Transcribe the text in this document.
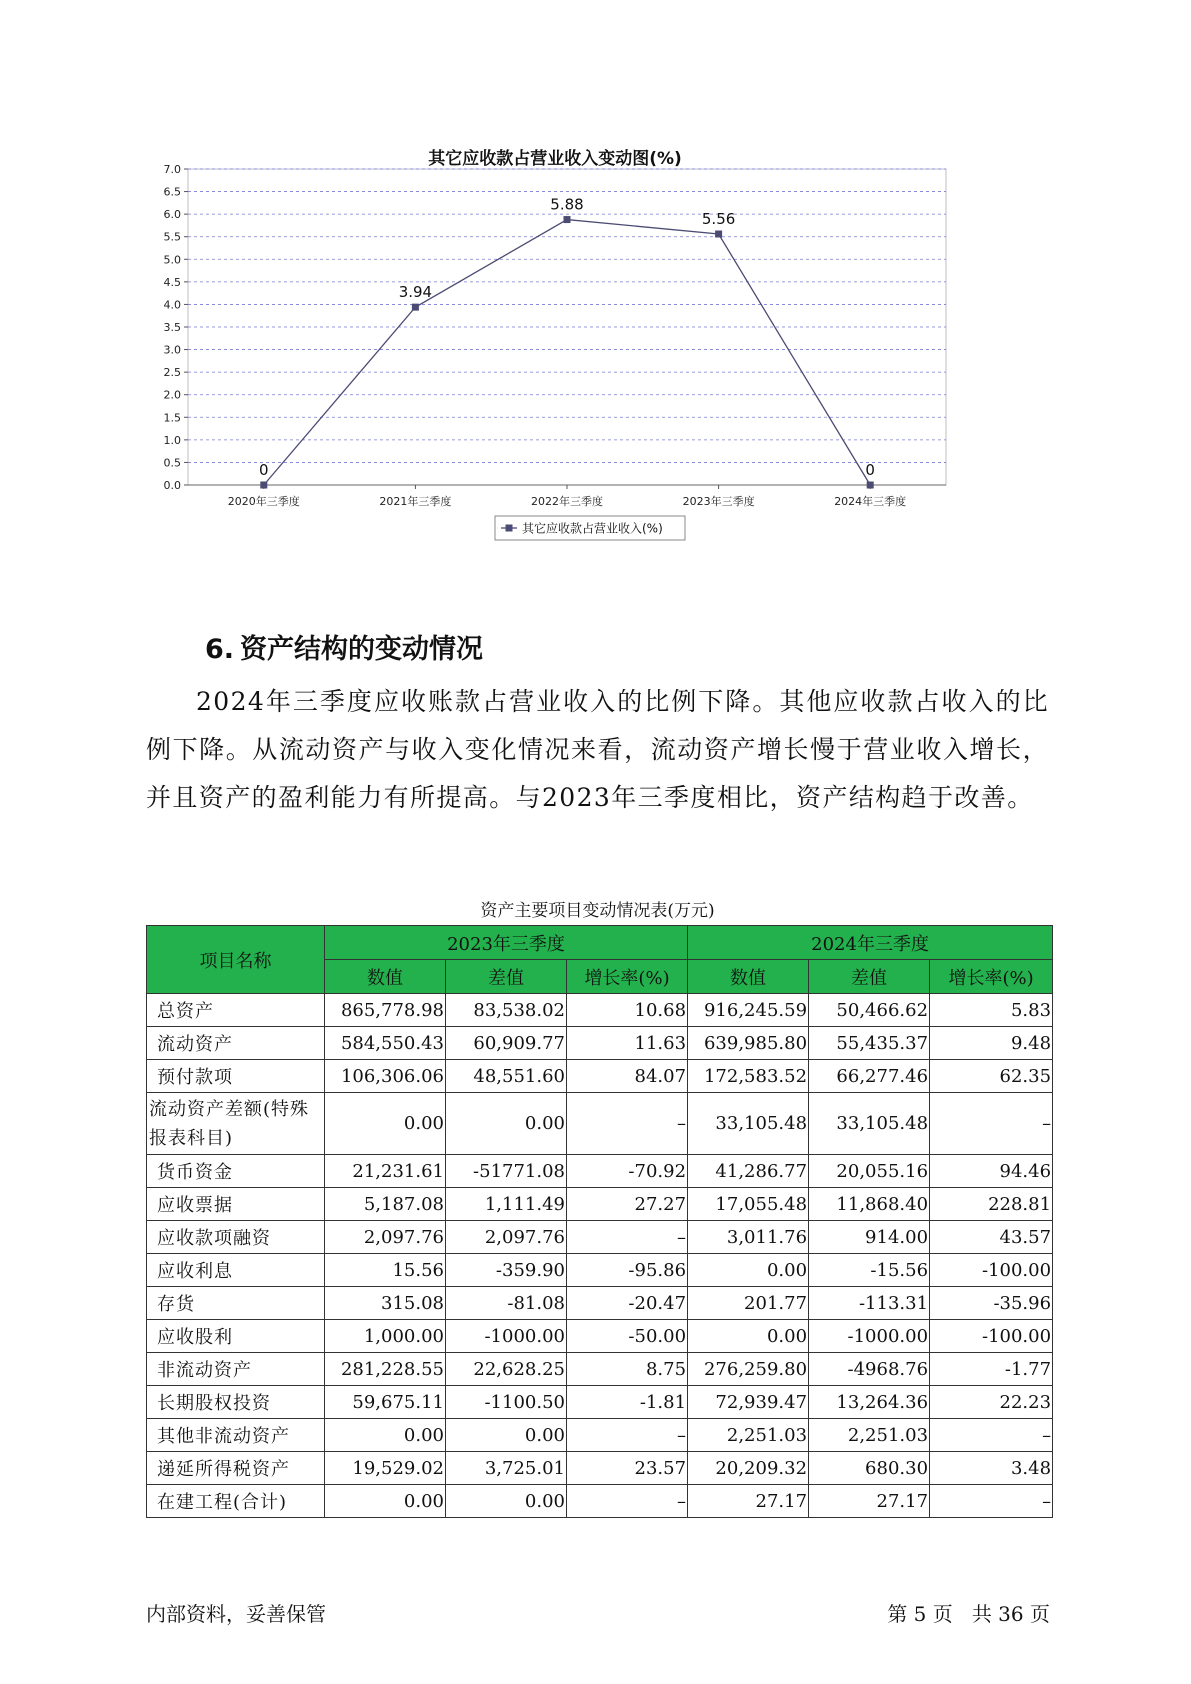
其它应收款占营业收入变动图(%)
0.0
0.5
1.0
1.5
2.0
2.5
3.0
3.5
4.0
4.5
5.0
5.5
6.0
6.5
7.0
2020年三季度	2021年三季度	2022年三季度	2023年三季度	2024年三季度
0
3.94
5.88
5.56
0
其它应收款占营业收入(%)
6. 资产结构的变动情况

2024年三季度应收账款占营业收入的比例下降。其他应收款占收入的比例下降。从流动资产与收入变化情况来看，流动资产增长慢于营业收入增长，并且资产的盈利能力有所提高。与2023年三季度相比，资产结构趋于改善。

资产主要项目变动情况表(万元)
项目名称	2023年三季度			2024年三季度		
	数值	差值	增长率(%)	数值	差值	增长率(%)
总资产	865,778.98	83,538.02	10.68	916,245.59	50,466.62	5.83
流动资产	584,550.43	60,909.77	11.63	639,985.80	55,435.37	9.48
预付款项	106,306.06	48,551.60	84.07	172,583.52	66,277.46	62.35
流动资产差额(特殊报表科目)	0.00	0.00	–	33,105.48	33,105.48	–
货币资金	21,231.61	-51771.08	-70.92	41,286.77	20,055.16	94.46
应收票据	5,187.08	1,111.49	27.27	17,055.48	11,868.40	228.81
应收款项融资	2,097.76	2,097.76	–	3,011.76	914.00	43.57
应收利息	15.56	-359.90	-95.86	0.00	-15.56	-100.00
存货	315.08	-81.08	-20.47	201.77	-113.31	-35.96
应收股利	1,000.00	-1000.00	-50.00	0.00	-1000.00	-100.00
非流动资产	281,228.55	22,628.25	8.75	276,259.80	-4968.76	-1.77
长期股权投资	59,675.11	-1100.50	-1.81	72,939.47	13,264.36	22.23
其他非流动资产	0.00	0.00	–	2,251.03	2,251.03	–
递延所得税资产	19,529.02	3,725.01	23.57	20,209.32	680.30	3.48
在建工程(合计)	0.00	0.00	–	27.17	27.17	–
内部资料，妥善保管	第 5 页   共 36 页
